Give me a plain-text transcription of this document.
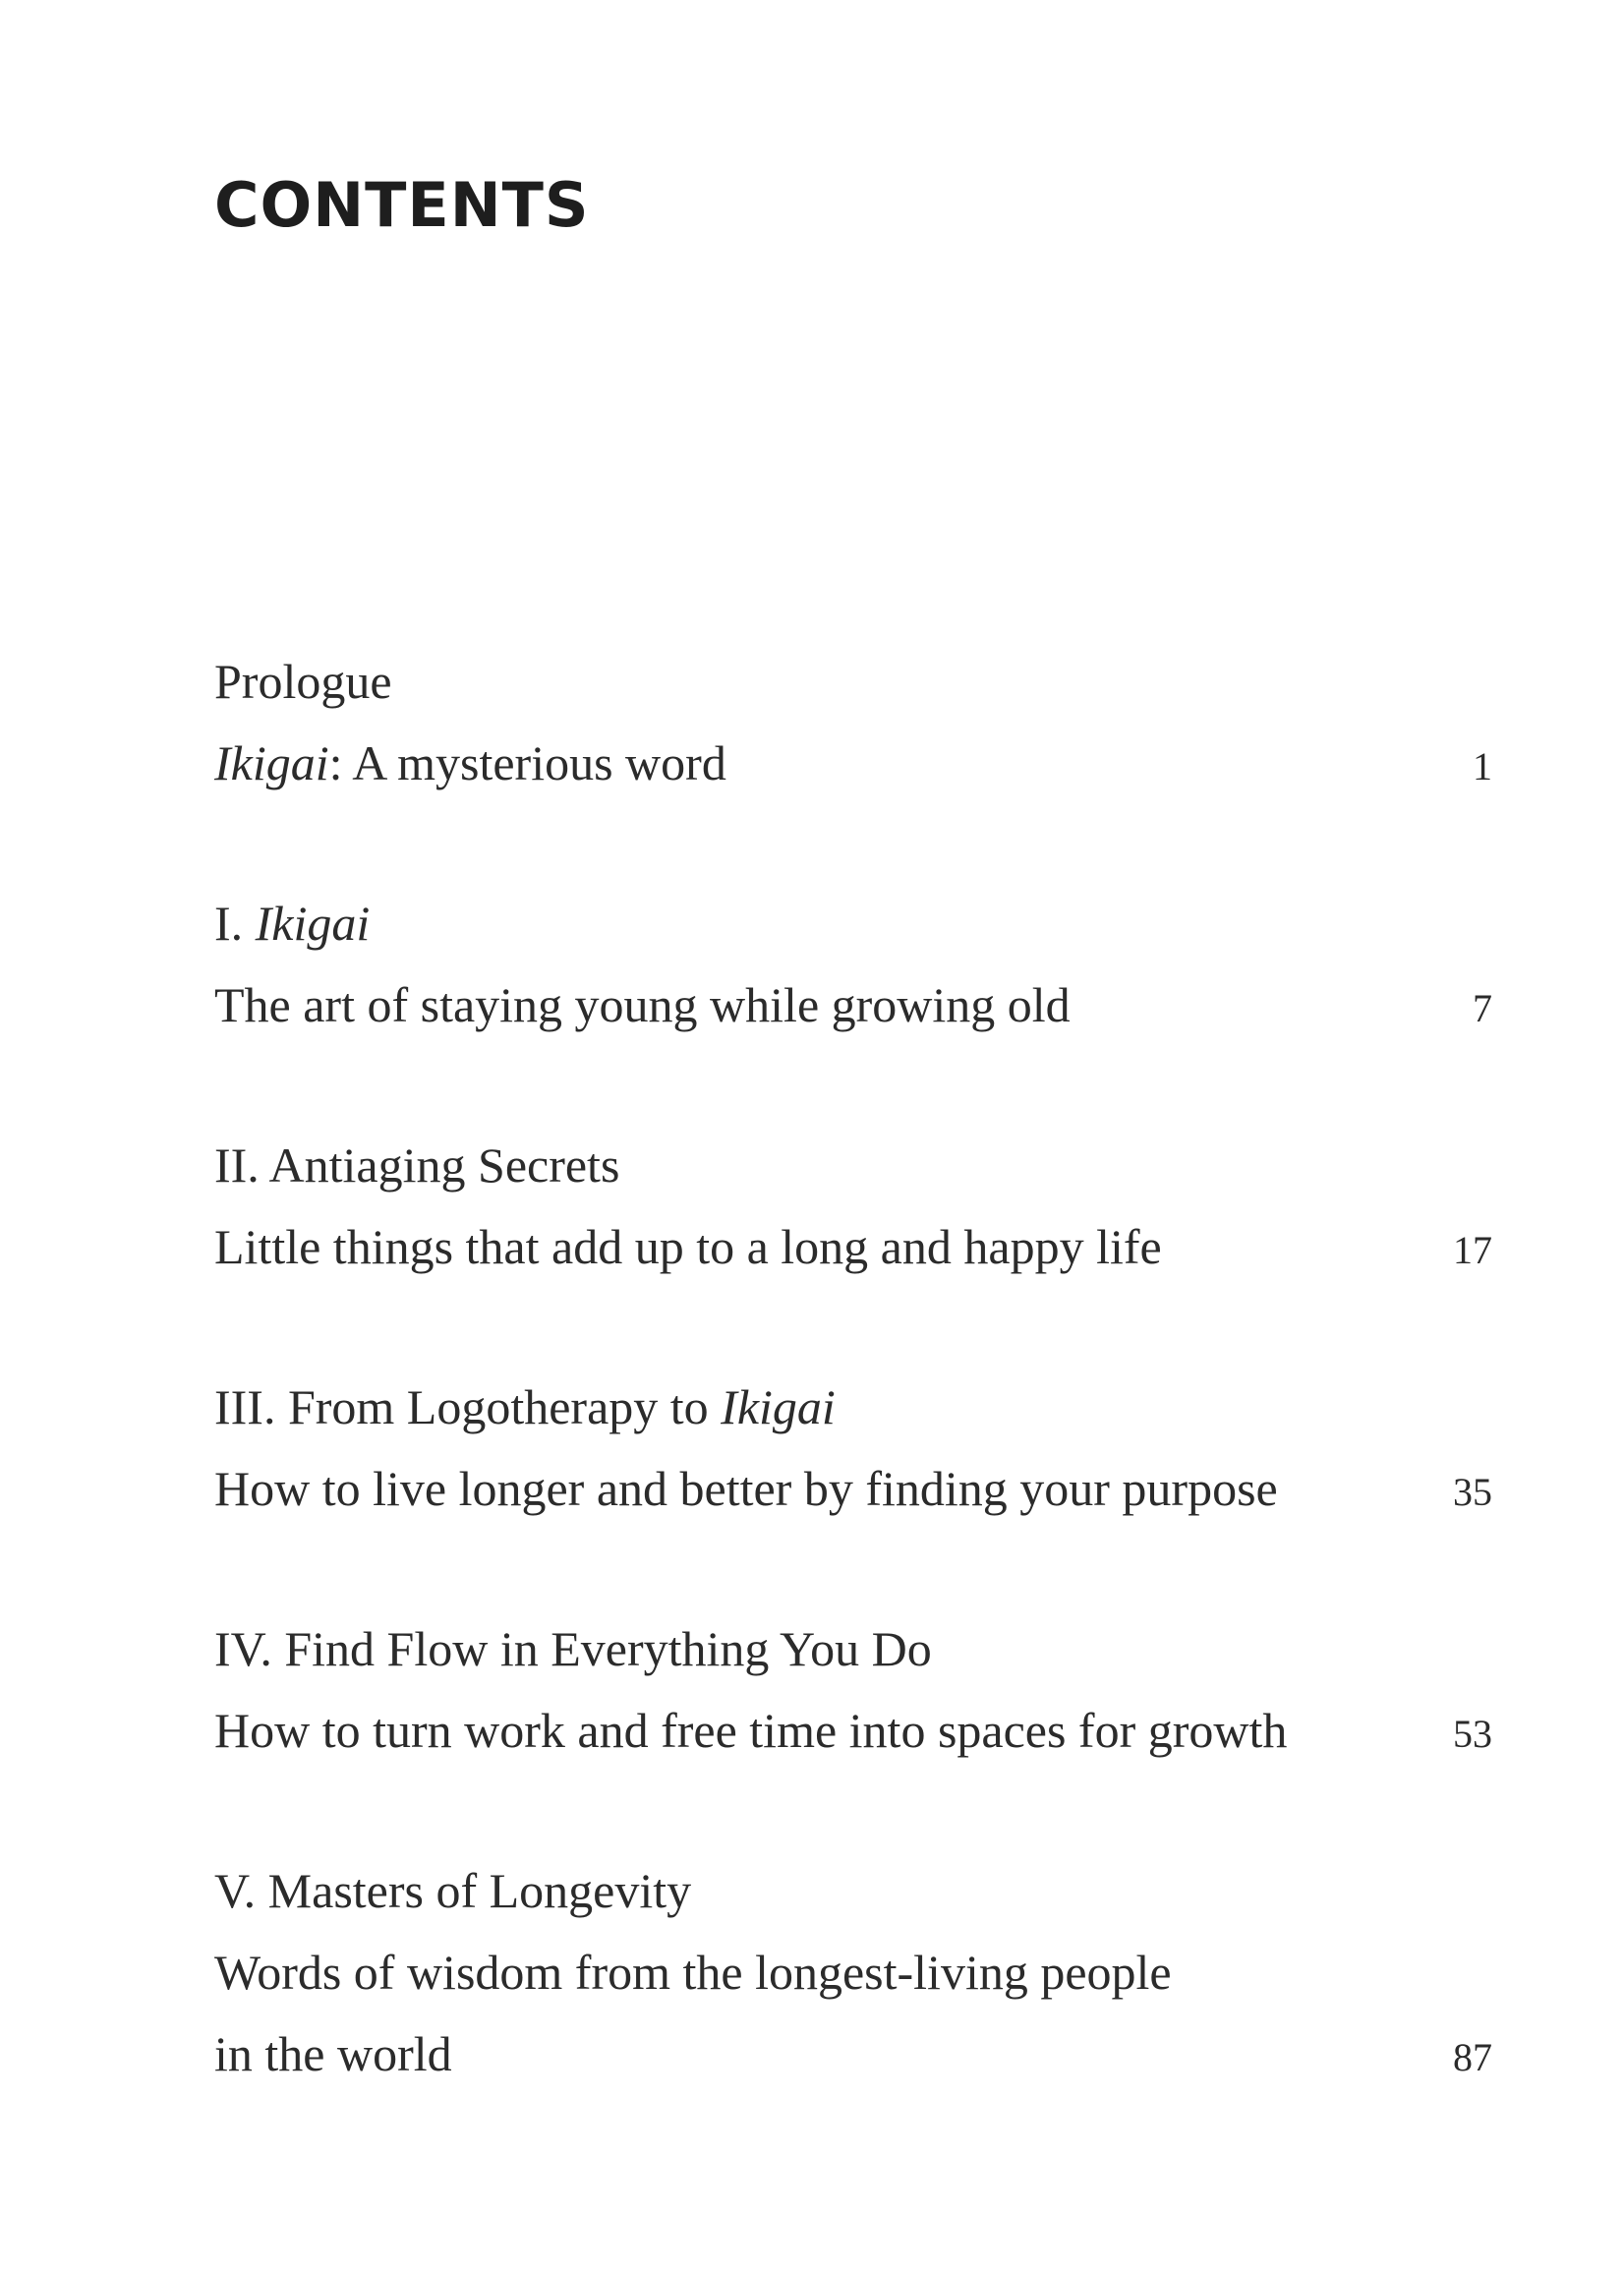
CONTENTS
Prologue
Ikigai: A mysterious word	1
I. Ikigai
The art of staying young while growing old	7
II. Antiaging Secrets
Little things that add up to a long and happy life	17
III. From Logotherapy to Ikigai
How to live longer and better by finding your purpose	35
IV. Find Flow in Everything You Do
How to turn work and free time into spaces for growth	53
V. Masters of Longevity
Words of wisdom from the longest-living people
in the world	87
